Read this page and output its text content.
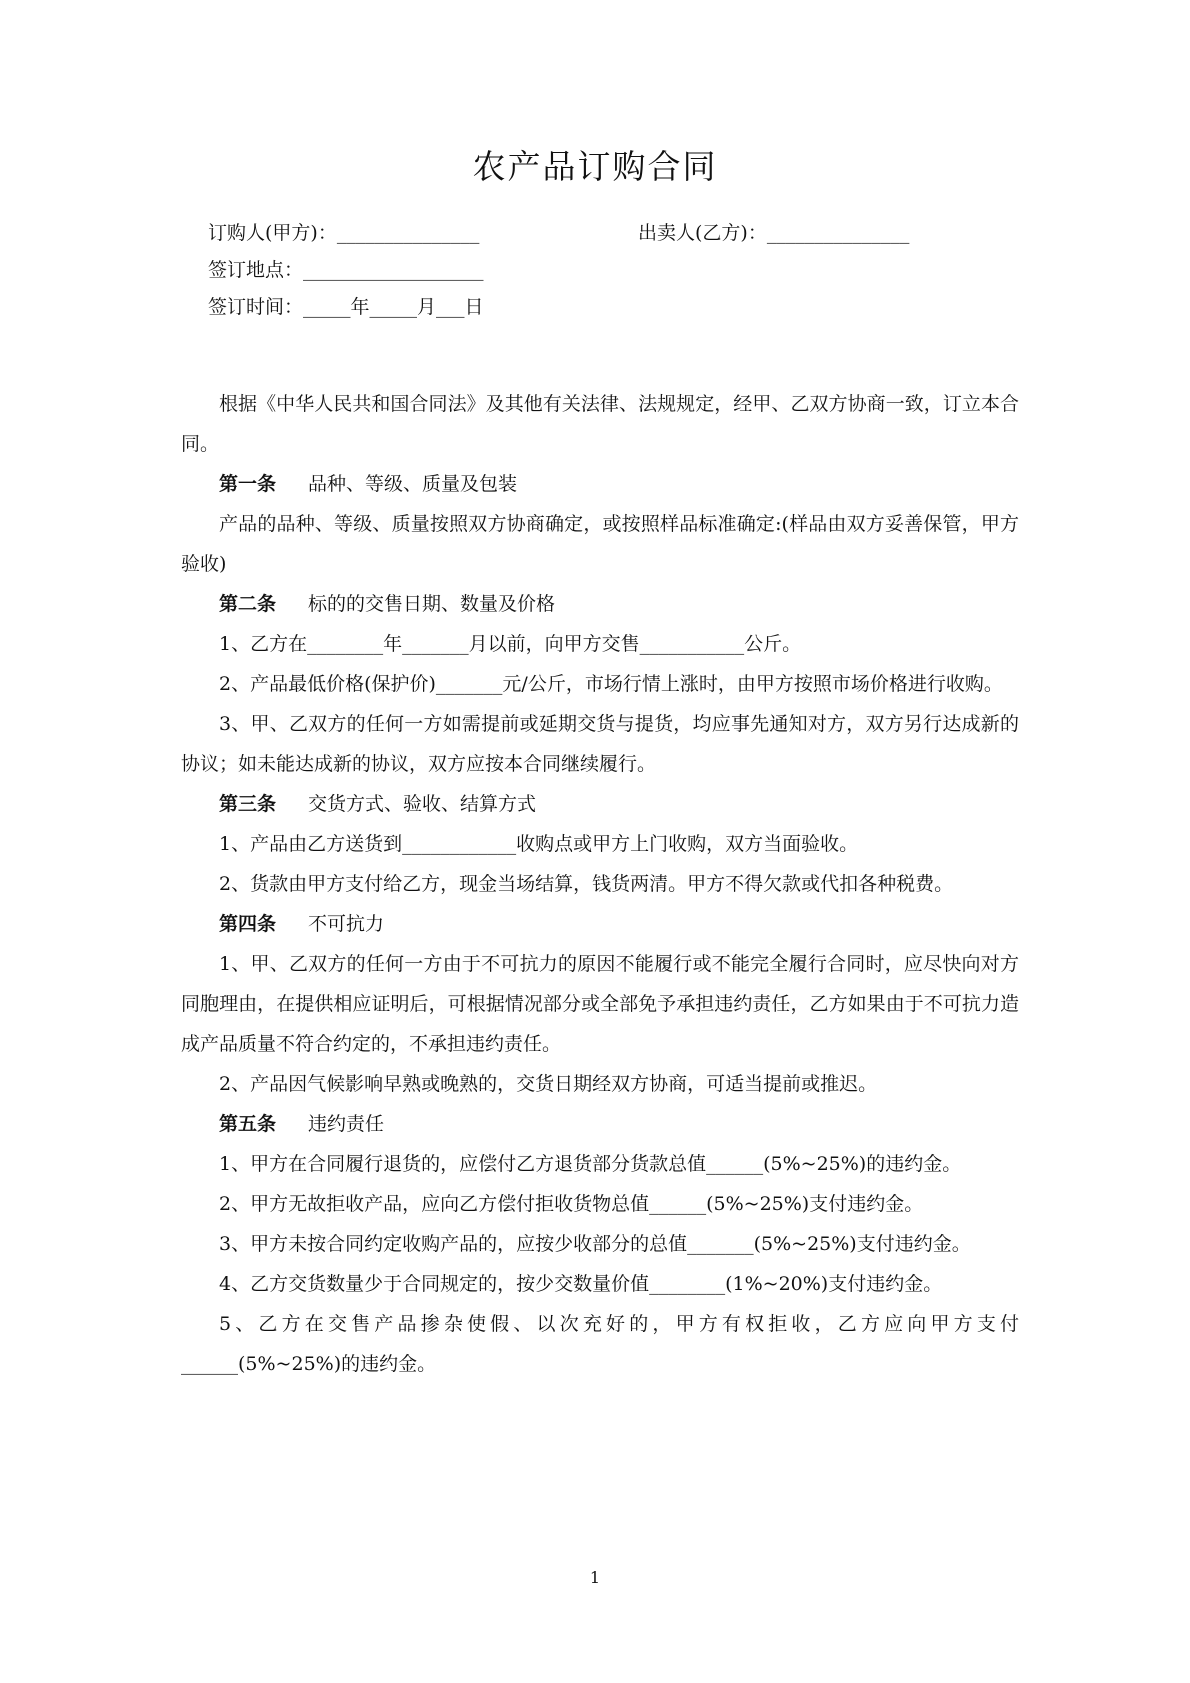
农产品订购合同
订购人(甲方)：_______________	出卖人(乙方)：_______________
签订地点：___________________
签订时间：_____年_____月___日

根据《中华人民共和国合同法》及其他有关法律、法规规定，经甲、乙双方协商一致，订立本合同。

第一条 品种、等级、质量及包装

产品的品种、等级、质量按照双方协商确定，或按照样品标准确定:(样品由双方妥善保管，甲方验收)

第二条 标的的交售日期、数量及价格

1、乙方在________年_______月以前，向甲方交售___________公斤。

2、产品最低价格(保护价)_______元/公斤，市场行情上涨时，由甲方按照市场价格进行收购。

3、甲、乙双方的任何一方如需提前或延期交货与提货，均应事先通知对方，双方另行达成新的协议；如未能达成新的协议，双方应按本合同继续履行。

第三条 交货方式、验收、结算方式

1、产品由乙方送货到____________收购点或甲方上门收购，双方当面验收。

2、货款由甲方支付给乙方，现金当场结算，钱货两清。甲方不得欠款或代扣各种税费。

第四条 不可抗力

1、甲、乙双方的任何一方由于不可抗力的原因不能履行或不能完全履行合同时，应尽快向对方同胞理由，在提供相应证明后，可根据情况部分或全部免予承担违约责任，乙方如果由于不可抗力造成产品质量不符合约定的，不承担违约责任。

2、产品因气候影响早熟或晚熟的，交货日期经双方协商，可适当提前或推迟。

第五条 违约责任

1、甲方在合同履行退货的，应偿付乙方退货部分货款总值______(5%~25%)的违约金。

2、甲方无故拒收产品，应向乙方偿付拒收货物总值______(5%~25%)支付违约金。

3、甲方未按合同约定收购产品的，应按少收部分的总值_______(5%~25%)支付违约金。

4、乙方交货数量少于合同规定的，按少交数量价值________(1%~20%)支付违约金。

5、乙方在交售产品掺杂使假、以次充好的，甲方有权拒收，乙方应向甲方支付______(5%~25%)的违约金。

1
